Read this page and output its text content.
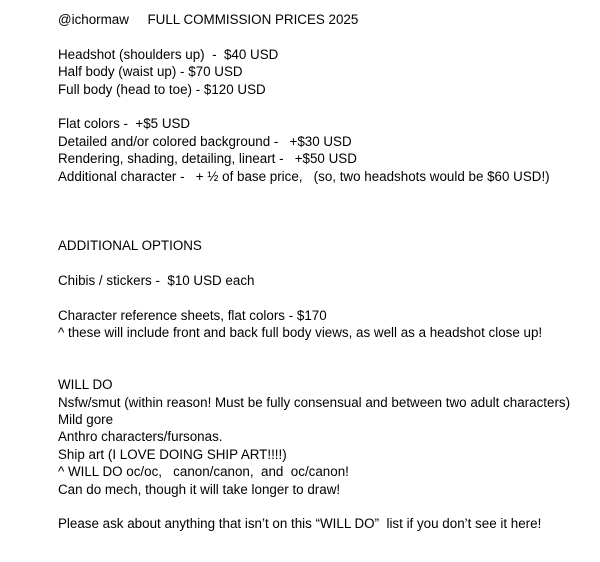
@ichormaw     FULL COMMISSION PRICES 2025
Headshot (shoulders up)  -  $40 USD
Half body (waist up) - $70 USD
Full body (head to toe) - $120 USD
Flat colors -  +$5 USD
Detailed and/or colored background -   +$30 USD
Rendering, shading, detailing, lineart -   +$50 USD
Additional character -   + ½ of base price,   (so, two headshots would be $60 USD!)
ADDITIONAL OPTIONS
Chibis / stickers -  $10 USD each
Character reference sheets, flat colors - $170
^ these will include front and back full body views, as well as a headshot close up!
WILL DO
Nsfw/smut (within reason! Must be fully consensual and between two adult characters)
Mild gore
Anthro characters/fursonas.
Ship art (I LOVE DOING SHIP ART!!!!)
^ WILL DO oc/oc,   canon/canon,  and  oc/canon!
Can do mech, though it will take longer to draw!
Please ask about anything that isn’t on this “WILL DO”  list if you don’t see it here!
